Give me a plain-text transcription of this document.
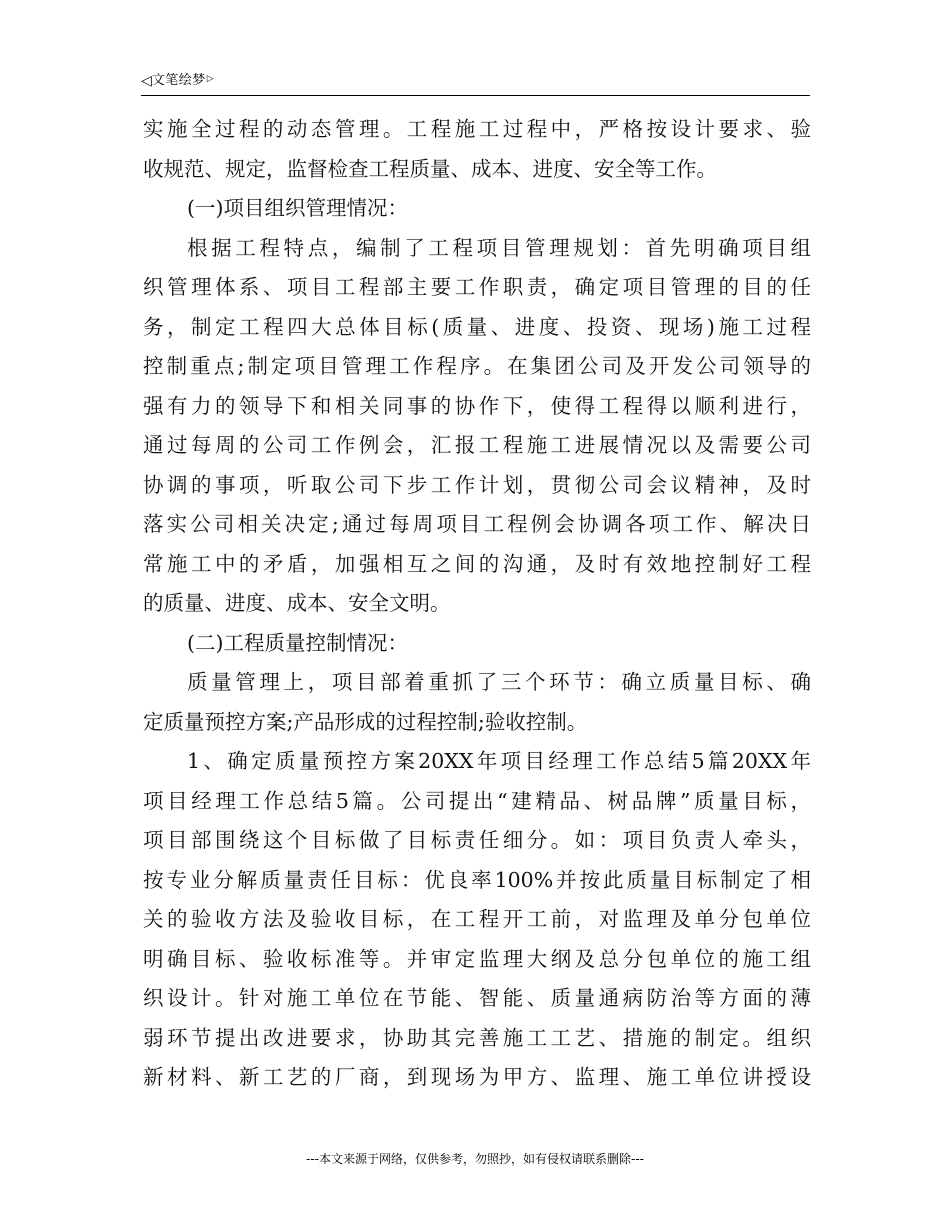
◁ 文笔绘梦 ▷
实施全过程的动态管理。工程施工过程中，严格按设计要求、验
收规范、规定，监督检查工程质量、成本、进度、安全等工作。
(一)项目组织管理情况：
根据工程特点，编制了工程项目管理规划：首先明确项目组
织管理体系、项目工程部主要工作职责，确定项目管理的目的任
务，制定工程四大总体目标(质量、进度、投资、现场)施工过程
控制重点;制定项目管理工作程序。在集团公司及开发公司领导的
强有力的领导下和相关同事的协作下，使得工程得以顺利进行，
通过每周的公司工作例会，汇报工程施工进展情况以及需要公司
协调的事项，听取公司下步工作计划，贯彻公司会议精神，及时
落实公司相关决定;通过每周项目工程例会协调各项工作、解决日
常施工中的矛盾，加强相互之间的沟通，及时有效地控制好工程
的质量、进度、成本、安全文明。
(二)工程质量控制情况：
质量管理上，项目部着重抓了三个环节：确立质量目标、确
定质量预控方案;产品形成的过程控制;验收控制。
1、确定质量预控方案20XX年项目经理工作总结5篇20XX年
项目经理工作总结5篇。公司提出“建精品、树品牌”质量目标，
项目部围绕这个目标做了目标责任细分。如：项目负责人牵头，
按专业分解质量责任目标：优良率100%并按此质量目标制定了相
关的验收方法及验收目标，在工程开工前，对监理及单分包单位
明确目标、验收标准等。并审定监理大纲及总分包单位的施工组
织设计。针对施工单位在节能、智能、质量通病防治等方面的薄
弱环节提出改进要求，协助其完善施工工艺、措施的制定。组织
新材料、新工艺的厂商，到现场为甲方、监理、施工单位讲授设
---本文来源于网络，仅供参考，勿照抄，如有侵权请联系删除---
